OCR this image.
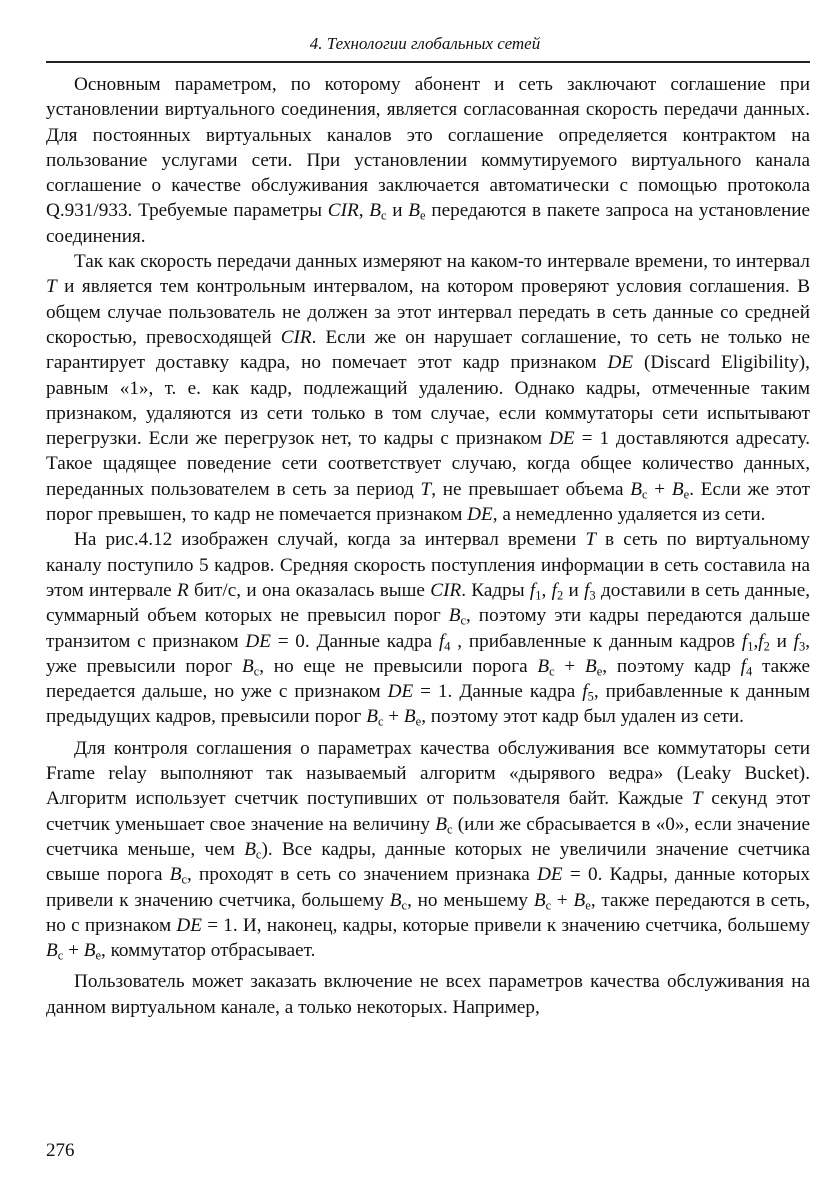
4. Технологии глобальных сетей

Основным параметром, по которому абонент и сеть заключают соглашение при установлении виртуального соединения, является согласованная скорость передачи данных. Для постоянных виртуальных каналов это соглашение определяется контрактом на пользование услугами сети. При установлении коммутируемого виртуального канала соглашение о качестве обслуживания заключается автоматически с помощью протокола Q.931/933. Требуемые параметры CIR, $B_c$ и $B_e$ передаются в пакете запроса на установление соединения.

Так как скорость передачи данных измеряют на каком-то интервале времени, то интервал T и является тем контрольным интервалом, на котором проверяют условия соглашения. В общем случае пользователь не должен за этот интервал передать в сеть данные со средней скоростью, превосходящей CIR. Если же он нарушает соглашение, то сеть не только не гарантирует доставку кадра, но помечает этот кадр признаком DE (Discard Eligibility), равным «1», т. е. как кадр, подлежащий удалению. Однако кадры, отмеченные таким признаком, удаляются из сети только в том случае, если коммутаторы сети испытывают перегрузки. Если же перегрузок нет, то кадры с признаком DE = 1 доставляются адресату. Такое щадящее поведение сети соответствует случаю, когда общее количество данных, переданных пользователем в сеть за период T, не превышает объема $B_c + B_e$. Если же этот порог превышен, то кадр не помечается признаком DE, а немедленно удаляется из сети.

На рис.4.12 изображен случай, когда за интервал времени T в сеть по виртуальному каналу поступило 5 кадров. Средняя скорость поступления информации в сеть составила на этом интервале R бит/с, и она оказалась выше CIR. Кадры $f_1$, $f_2$ и $f_3$ доставили в сеть данные, суммарный объем которых не превысил порог $B_c$, поэтому эти кадры передаются дальше транзитом с признаком DE = 0. Данные кадра $f_4$ , прибавленные к данным кадров $f_1,f_2$ и $f_3$, уже превысили порог $B_c$, но еще не превысили порога $B_c + B_e$, поэтому кадр $f_4$ также передается дальше, но уже с признаком DE = 1. Данные кадра $f_5$, прибавленные к данным предыдущих кадров, превысили порог $B_c + B_e$, поэтому этот кадр был удален из сети.

Для контроля соглашения о параметрах качества обслуживания все коммутаторы сети Frame relay выполняют так называемый алгоритм «дырявого ведра» (Leaky Bucket). Алгоритм использует счетчик поступивших от пользователя байт. Каждые T секунд этот счетчик уменьшает свое значение на величину $B_c$ (или же сбрасывается в «0», если значение счетчика меньше, чем $B_c$). Все кадры, данные которых не увеличили значение счетчика свыше порога $B_c$, проходят в сеть со значением признака DE = 0. Кадры, данные которых привели к значению счетчика, большему $B_c$, но меньшему $B_c + B_e$, также передаются в сеть, но с признаком DE = 1. И, наконец, кадры, которые привели к значению счетчика, большему $B_c + B_e$, коммутатор отбрасывает.

Пользователь может заказать включение не всех параметров качества обслуживания на данном виртуальном канале, а только некоторых. Например,

276
